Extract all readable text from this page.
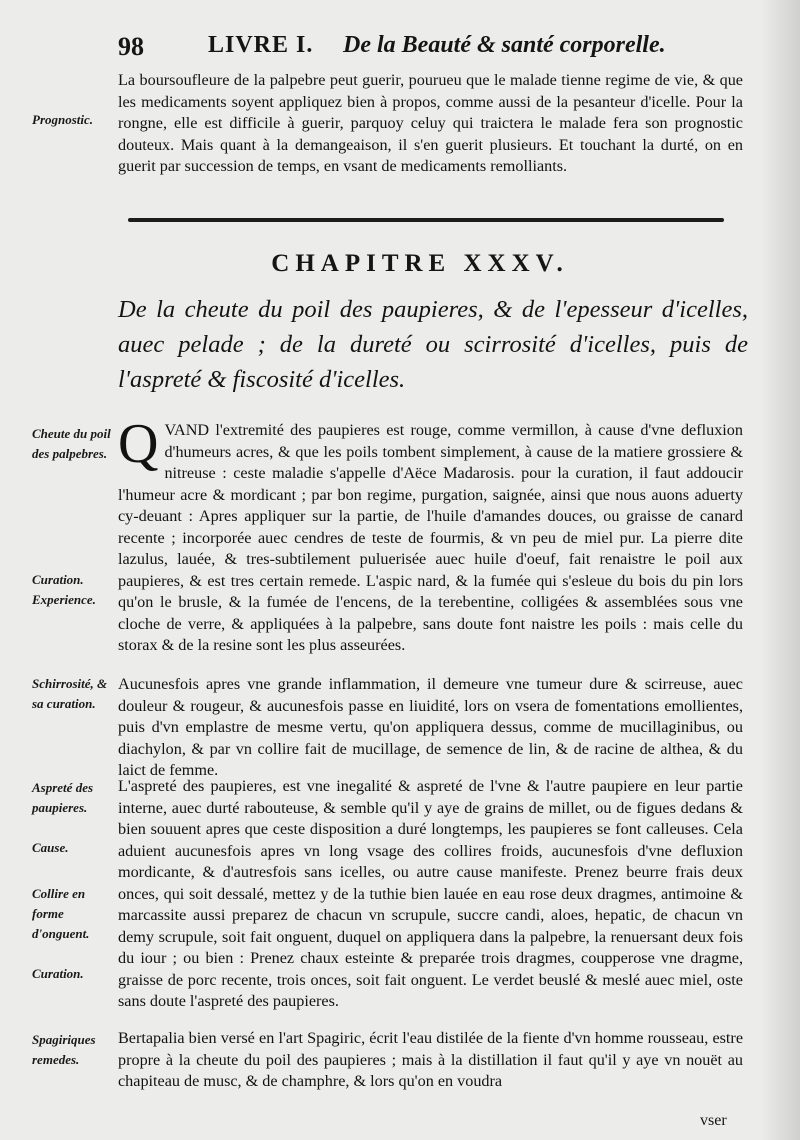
98	LIVRE I. De la Beauté & santé corporelle.
Prognostic.
La boursoufleure de la palpebre peut guerir, pourueu que le malade tienne regime de vie, & que les medicaments soyent appliquez bien à propos, comme aussi de la pesanteur d'icelle. Pour la rongne, elle est difficile à guerir, parquoy celuy qui traictera le malade fera son prognostic douteux. Mais quant à la demangeaison, il s'en guerit plusieurs. Et touchant la durté, on en guerit par succession de temps, en vsant de medicaments remolliants.
CHAPITRE XXXV.
De la cheute du poil des paupieres, & de l'epesseur d'icelles, auec pelade ; de la dureté ou scirrosité d'icelles, puis de l'aspreté & fiscosité d'icelles.
Cheute du poil des palpebres.
Curation. Experience.
Schirrosité, & sa curation.
Aspreté des paupieres.
Cause.
Collire en forme d'onguent.
Curation.
Spagiriques remedes.
QVAND l'extremité des paupieres est rouge, comme vermillon, à cause d'vne defluxion d'humeurs acres, & que les poils tombent simplement, à cause de la matiere grossiere & nitreuse : ceste maladie s'appelle d'Aëce Madarosis. pour la curation, il faut addoucir l'humeur acre & mordicant ; par bon regime, purgation, saignée, ainsi que nous auons aduerty cy-deuant : Apres appliquer sur la partie, de l'huile d'amandes douces, ou graisse de canard recente ; incorporée auec cendres de teste de fourmis, & vn peu de miel pur. La pierre dite lazulus, lauée, & tres-subtilement puluerisée auec huile d'oeuf, fait renaistre le poil aux paupieres, & est tres certain remede. L'aspic nard, & la fumée qui s'esleue du bois du pin lors qu'on le brusle, & la fumée de l'encens, de la terebentine, colligées & assemblées sous vne cloche de verre, & appliquées à la palpebre, sans doute font naistre les poils : mais celle du storax & de la resine sont les plus asseurées.
Aucunesfois apres vne grande inflammation, il demeure vne tumeur dure & scirreuse, auec douleur & rougeur, & aucunesfois passe en liuidité, lors on vsera de fomentations emollientes, puis d'vn emplastre de mesme vertu, qu'on appliquera dessus, comme de mucillaginibus, ou diachylon, & par vn collire fait de mucillage, de semence de lin, & de racine de althea, & du laict de femme.
L'aspreté des paupieres, est vne inegalité & aspreté de l'vne & l'autre paupiere en leur partie interne, auec durté rabouteuse, & semble qu'il y aye de grains de millet, ou de figues dedans & bien souuent apres que ceste disposition a duré longtemps, les paupieres se font calleuses. Cela aduient aucunesfois apres vn long vsage des collires froids, aucunesfois d'vne defluxion mordicante, & d'autresfois sans icelles, ou autre cause manifeste. Prenez beurre frais deux onces, qui soit dessalé, mettez y de la tuthie bien lauée en eau rose deux dragmes, antimoine & marcassite aussi preparez de chacun vn scrupule, succre candi, aloes, hepatic, de chacun vn demy scrupule, soit fait onguent, duquel on appliquera dans la palpebre, la renuersant deux fois du iour ; ou bien : Prenez chaux esteinte & preparée trois dragmes, coupperose vne dragme, graisse de porc recente, trois onces, soit fait onguent. Le verdet beuslé & meslé auec miel, oste sans doute l'aspreté des paupieres.
Bertapalia bien versé en l'art Spagiric, écrit l'eau distilée de la fiente d'vn homme rousseau, estre propre à la cheute du poil des paupieres ; mais à la distillation il faut qu'il y aye vn nouët au chapiteau de musc, & de champhre, & lors qu'on en voudra
vser
